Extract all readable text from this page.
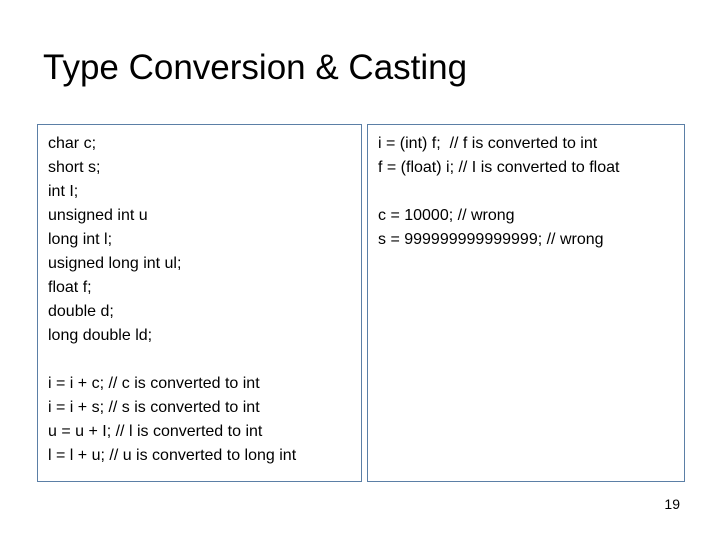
Type Conversion & Casting
char c;
short s;
int I;
unsigned int u
long int l;
usigned long int ul;
float f;
double d;
long double ld;
i = i + c; // c is converted to int
i = i + s; // s is converted to int
u = u + I; // l is converted to int
l = l + u; // u is converted to long int
i = (int) f;  // f is converted to int
f = (float) i; // I is converted to float
c = 10000; // wrong
s = 999999999999999; // wrong
19
